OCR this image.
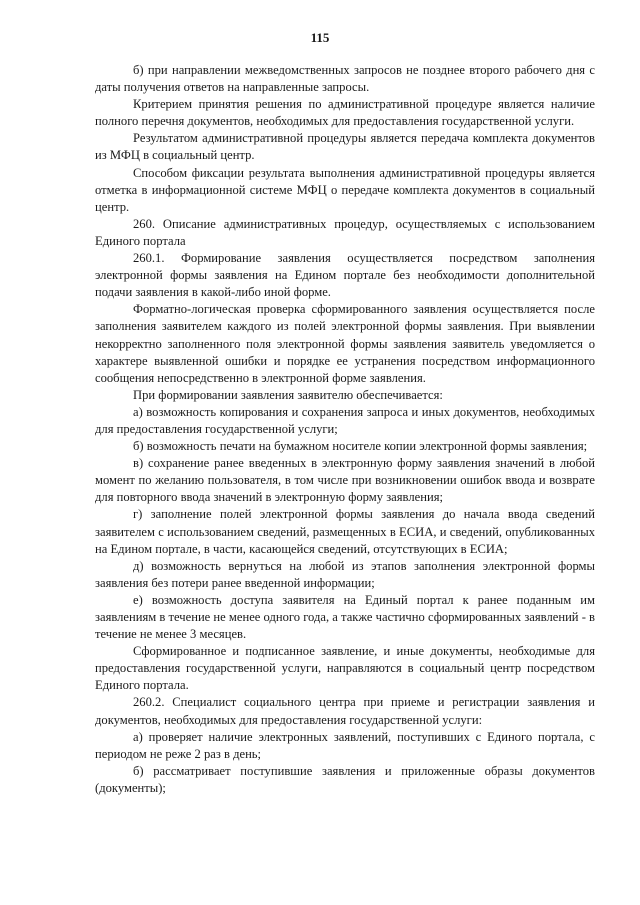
115

б) при направлении межведомственных запросов не позднее второго рабочего дня с даты получения ответов на направленные запросы.

Критерием принятия решения по административной процедуре является наличие полного перечня документов, необходимых для предоставления государственной услуги.

Результатом административной процедуры является передача комплекта документов из МФЦ в социальный центр.

Способом фиксации результата выполнения административной процедуры является отметка в информационной системе МФЦ о передаче комплекта документов в социальный центр.

260. Описание административных процедур, осуществляемых с использованием Единого портала

260.1. Формирование заявления осуществляется посредством заполнения электронной формы заявления на Едином портале без необходимости дополнительной подачи заявления в какой-либо иной форме.

Форматно-логическая проверка сформированного заявления осуществляется после заполнения заявителем каждого из полей электронной формы заявления. При выявлении некорректно заполненного поля электронной формы заявления заявитель уведомляется о характере выявленной ошибки и порядке ее устранения посредством информационного сообщения непосредственно в электронной форме заявления.

При формировании заявления заявителю обеспечивается:

а) возможность копирования и сохранения запроса и иных документов, необходимых для предоставления государственной услуги;

б) возможность печати на бумажном носителе копии электронной формы заявления;

в) сохранение ранее введенных в электронную форму заявления значений в любой момент по желанию пользователя, в том числе при возникновении ошибок ввода и возврате для повторного ввода значений в электронную форму заявления;

г) заполнение полей электронной формы заявления до начала ввода сведений заявителем с использованием сведений, размещенных в ЕСИА, и сведений, опубликованных на Едином портале, в части, касающейся сведений, отсутствующих в ЕСИА;

д) возможность вернуться на любой из этапов заполнения электронной формы заявления без потери ранее введенной информации;

е) возможность доступа заявителя на Единый портал к ранее поданным им заявлениям в течение не менее одного года, а также частично сформированных заявлений - в течение не менее 3 месяцев.

Сформированное и подписанное заявление, и иные документы, необходимые для предоставления государственной услуги, направляются в социальный центр посредством Единого портала.

260.2. Специалист социального центра при приеме и регистрации заявления и документов, необходимых для предоставления государственной услуги:

а) проверяет наличие электронных заявлений, поступивших с Единого портала, с периодом не реже 2 раз в день;

б) рассматривает поступившие заявления и приложенные образы документов (документы);
